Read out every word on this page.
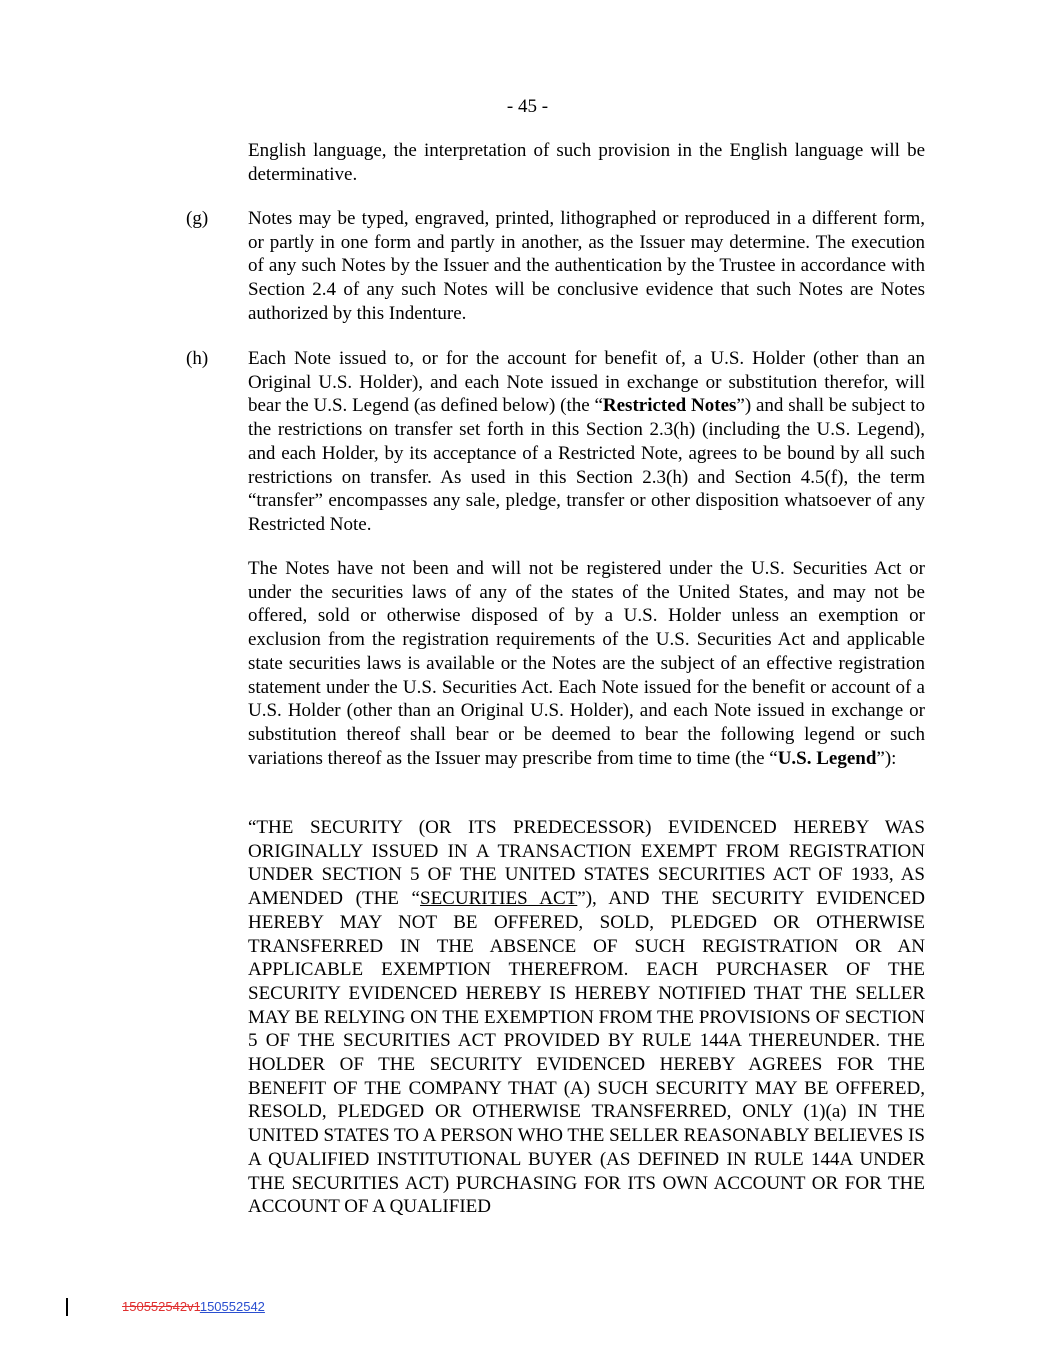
- 45 -
English language, the interpretation of such provision in the English language will be determinative.
(g) Notes may be typed, engraved, printed, lithographed or reproduced in a different form, or partly in one form and partly in another, as the Issuer may determine. The execution of any such Notes by the Issuer and the authentication by the Trustee in accordance with Section 2.4 of any such Notes will be conclusive evidence that such Notes are Notes authorized by this Indenture.
(h) Each Note issued to, or for the account for benefit of, a U.S. Holder (other than an Original U.S. Holder), and each Note issued in exchange or substitution therefor, will bear the U.S. Legend (as defined below) (the “Restricted Notes”) and shall be subject to the restrictions on transfer set forth in this Section 2.3(h) (including the U.S. Legend), and each Holder, by its acceptance of a Restricted Note, agrees to be bound by all such restrictions on transfer. As used in this Section 2.3(h) and Section 4.5(f), the term “transfer” encompasses any sale, pledge, transfer or other disposition whatsoever of any Restricted Note.
The Notes have not been and will not be registered under the U.S. Securities Act or under the securities laws of any of the states of the United States, and may not be offered, sold or otherwise disposed of by a U.S. Holder unless an exemption or exclusion from the registration requirements of the U.S. Securities Act and applicable state securities laws is available or the Notes are the subject of an effective registration statement under the U.S. Securities Act. Each Note issued for the benefit or account of a U.S. Holder (other than an Original U.S. Holder), and each Note issued in exchange or substitution thereof shall bear or be deemed to bear the following legend or such variations thereof as the Issuer may prescribe from time to time (the “U.S. Legend”):
“THE SECURITY (OR ITS PREDECESSOR) EVIDENCED HEREBY WAS ORIGINALLY ISSUED IN A TRANSACTION EXEMPT FROM REGISTRATION UNDER SECTION 5 OF THE UNITED STATES SECURITIES ACT OF 1933, AS AMENDED (THE “SECURITIES ACT”), AND THE SECURITY EVIDENCED HEREBY MAY NOT BE OFFERED, SOLD, PLEDGED OR OTHERWISE TRANSFERRED IN THE ABSENCE OF SUCH REGISTRATION OR AN APPLICABLE EXEMPTION THEREFROM. EACH PURCHASER OF THE SECURITY EVIDENCED HEREBY IS HEREBY NOTIFIED THAT THE SELLER MAY BE RELYING ON THE EXEMPTION FROM THE PROVISIONS OF SECTION 5 OF THE SECURITIES ACT PROVIDED BY RULE 144A THEREUNDER. THE HOLDER OF THE SECURITY EVIDENCED HEREBY AGREES FOR THE BENEFIT OF THE COMPANY THAT (A) SUCH SECURITY MAY BE OFFERED, RESOLD, PLEDGED OR OTHERWISE TRANSFERRED, ONLY (1)(a) IN THE UNITED STATES TO A PERSON WHO THE SELLER REASONABLY BELIEVES IS A QUALIFIED INSTITUTIONAL BUYER (AS DEFINED IN RULE 144A UNDER THE SECURITIES ACT) PURCHASING FOR ITS OWN ACCOUNT OR FOR THE ACCOUNT OF A QUALIFIED
150552542v1150552542
